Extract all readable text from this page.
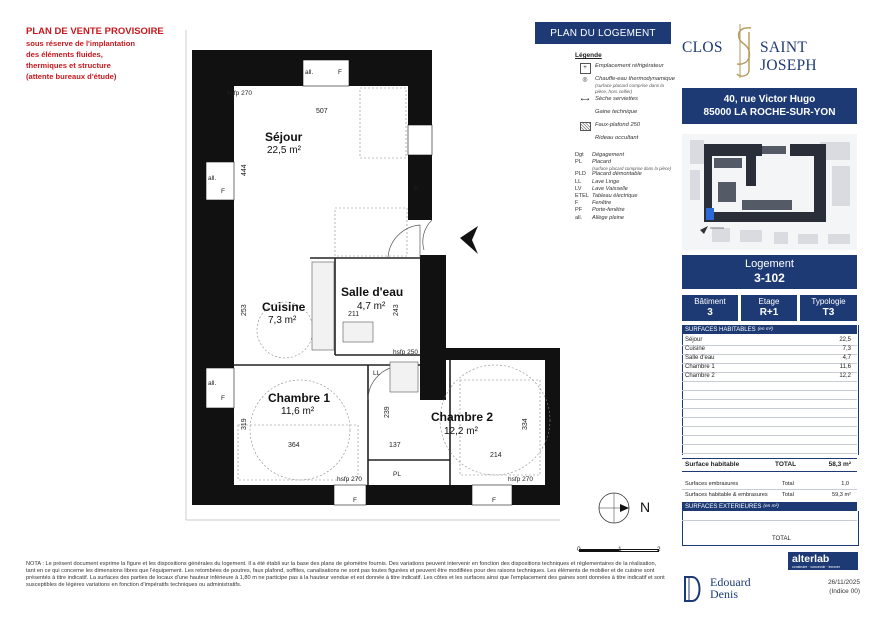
PLAN DE VENTE PROVISOIRE
sous réserve de l'implantation
des éléments fluides,
thermiques et structure
(attente bureaux d'étude)
Séjour
22,5 m²
Cuisine
7,3 m²
Salle d'eau
4,7 m²
Chambre 1
11,6 m²	Chambre 2
12,2 m²
507
444
253	211	243
364
319
239
137
214
334
hsfp 270
hsfp 250
hsfp 270	hsfp 270
all.	F
all.
F
all.
F
F
F	F
LL
PL
N
0	1	2
PLAN DU LOGEMENT
Légende
+	Emplacement réfrigérateur
◎	Chauffe-eau thermodynamique
(surface placard comprise dans la pièce, hors cellier)
⟷ Sèche serviettes
Gaine technique
Faux-plafond 250
Rideau occultant
Dgt	Dégagement
PL	Placard
(surface placard comprise dans la pièce)
PLD	Placard démontable
LL	Lave Linge
LV	Lave Vaisselle
ETEL Tableau électrique
F	Fenêtre
PF	Porte-fenêtre
all.	Allège pleine
CLOS SAINT JOSEPH
40, rue Victor Hugo
85000 LA ROCHE-SUR-YON
Logement
3-102
Bâtiment
3
Etage
R+1
Typologie
T3
SURFACES HABITABLES (en m²)
Séjour	22,5
Cuisine	7,3
Salle d'eau	4,7
Chambre 1	11,6
Chambre 2	12,2
Surface habitable	TOTAL	58,3 m²
Surfaces embrasures	Total	1,0
Surfaces habitable & embrasures	Total	59,3 m²
SURFACES EXTERIEURES (en m²)
TOTAL
NOTA : Le présent document exprime la figure et les dispositions générales du logement. Il a été établi sur la base des plans de géomètre fournis. Des variations peuvent intervenir en fonction des dispositions techniques et réglementaires de la réalisation, tant en ce qui concerne les dimensions libres que l'équipement. Les retombées de poutres, faux plafond, soffites, canalisations ne sont pas toutes figurées et peuvent être modifiées pour des raisons techniques. Les éléments de mobilier et de cuisine sont présentés à titre indicatif. La surfaces des parties de locaux d'une hauteur inférieure à 1,80 m ne participe pas à la hauteur vendue et est donnée à titre indicatif. Les côtes et les surfaces ainsi que l'emplacement des gaines sont données à titre indicatif et sont susceptibles de légères variations en fonction d'impératifs techniques ou administratifs.
alterlab
construire · concevoir · innover
Edouard
Denis
26/11/2025
(Indice 00)
